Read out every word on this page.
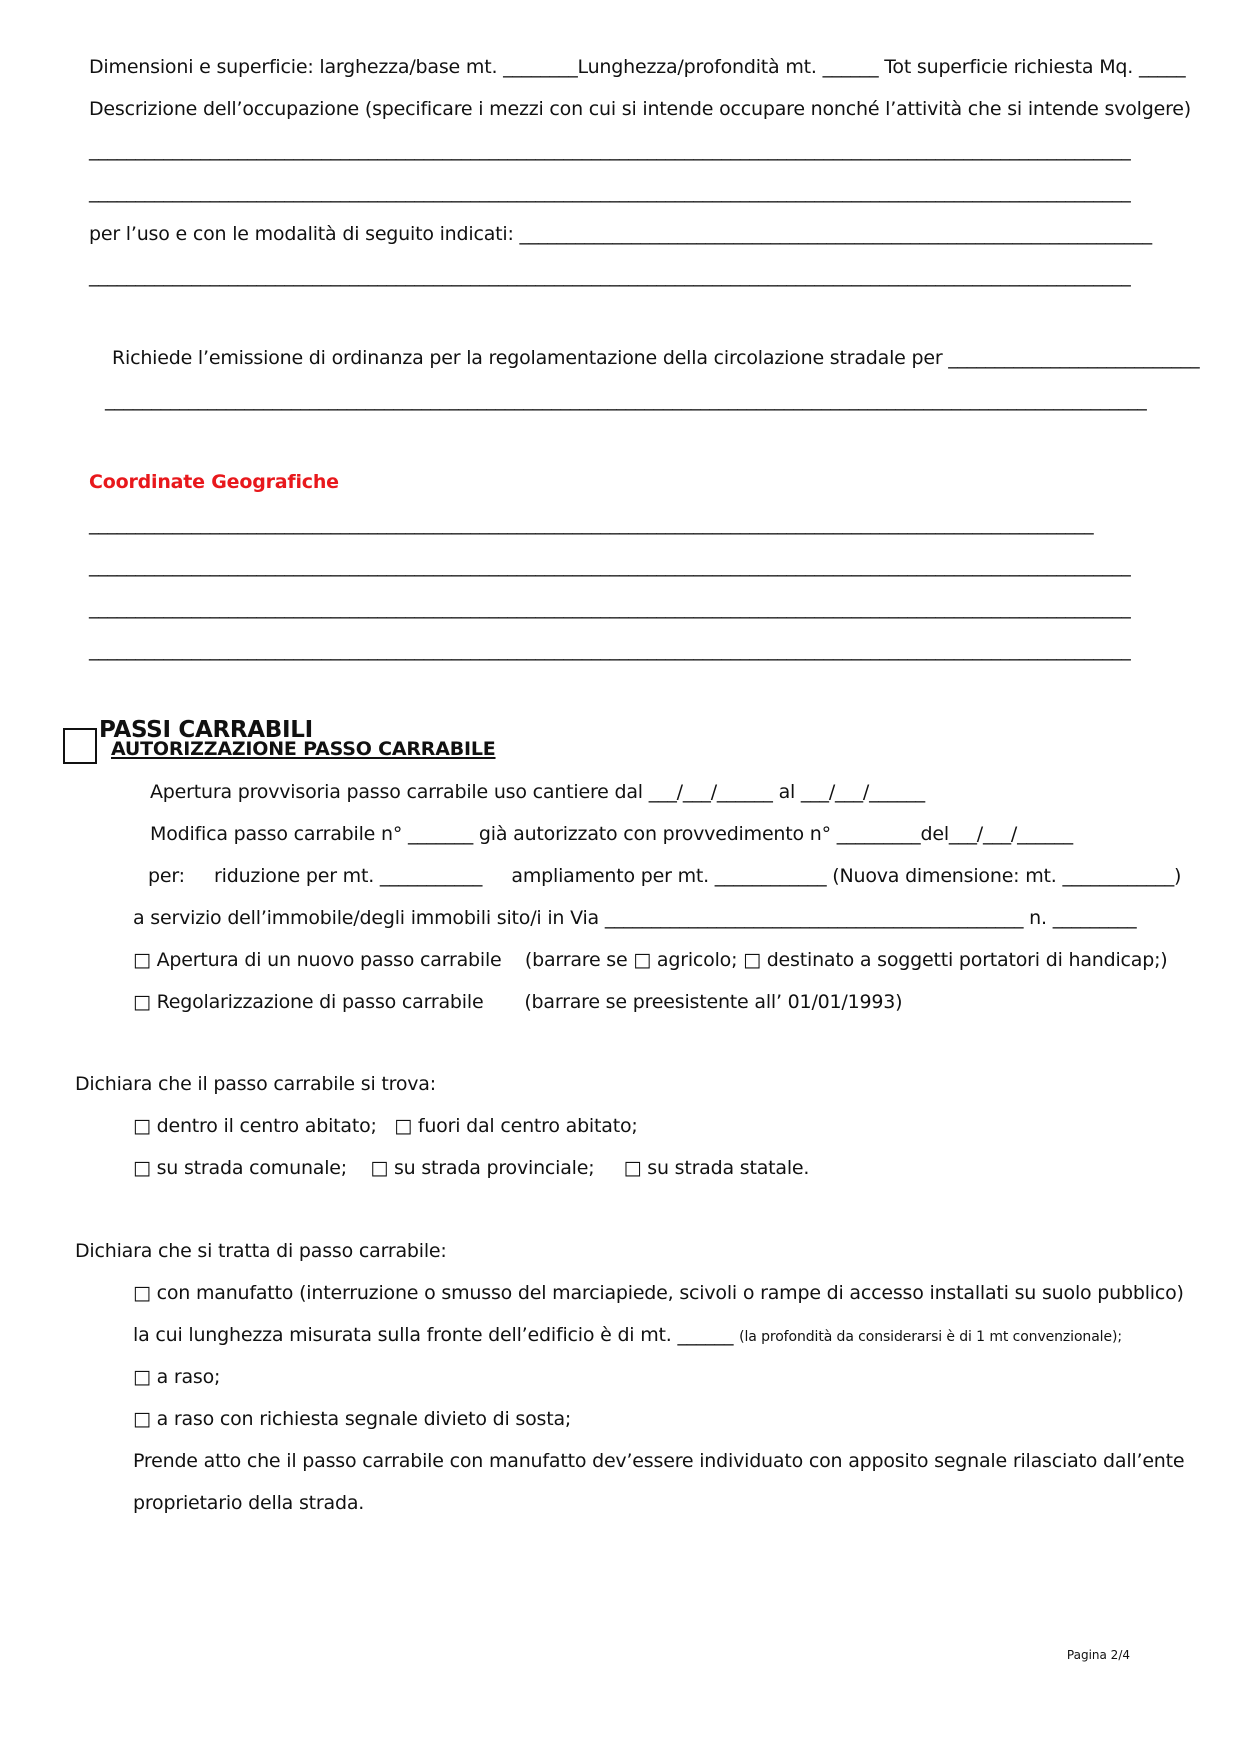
Dimensioni e superficie: larghezza/base mt. ________Lunghezza/profondità mt. ______ Tot superficie richiesta Mq. _____
Descrizione dell’occupazione (specificare i mezzi con cui si intende occupare nonché l’attività che si intende svolgere)
________________________________________________________________________________________________________________
________________________________________________________________________________________________________________
per l’uso e con le modalità di seguito indicati: ____________________________________________________________________
________________________________________________________________________________________________________________
Richiede l’emissione di ordinanza per la regolamentazione della circolazione stradale per ___________________________
________________________________________________________________________________________________________________
Coordinate Geografiche
____________________________________________________________________________________________________________
________________________________________________________________________________________________________________
________________________________________________________________________________________________________________
________________________________________________________________________________________________________________
PASSI CARRABILI
AUTORIZZAZIONE PASSO CARRABILE
Apertura provvisoria passo carrabile uso cantiere dal ___/___/______ al ___/___/______
Modifica passo carrabile n° _______ già autorizzato con provvedimento n° _________del___/___/______
per:     riduzione per mt. ___________     ampliamento per mt. ____________ (Nuova dimensione: mt. ____________)
a servizio dell’immobile/degli immobili sito/i in Via _____________________________________________ n. _________
□ Apertura di un nuovo passo carrabile    (barrare se □ agricolo; □ destinato a soggetti portatori di handicap;)
□ Regolarizzazione di passo carrabile       (barrare se preesistente all’ 01/01/1993)
Dichiara che il passo carrabile si trova:
□ dentro il centro abitato;   □ fuori dal centro abitato;
□ su strada comunale;    □ su strada provinciale;     □ su strada statale.
Dichiara che si tratta di passo carrabile:
□ con manufatto (interruzione o smusso del marciapiede, scivoli o rampe di accesso installati su suolo pubblico)
la cui lunghezza misurata sulla fronte dell’edificio è di mt. ______ (la profondità da considerarsi è di 1 mt convenzionale);
□ a raso;
□ a raso con richiesta segnale divieto di sosta;
Prende atto che il passo carrabile con manufatto dev’essere individuato con apposito segnale rilasciato dall’ente
proprietario della strada.
Pagina 2/4
